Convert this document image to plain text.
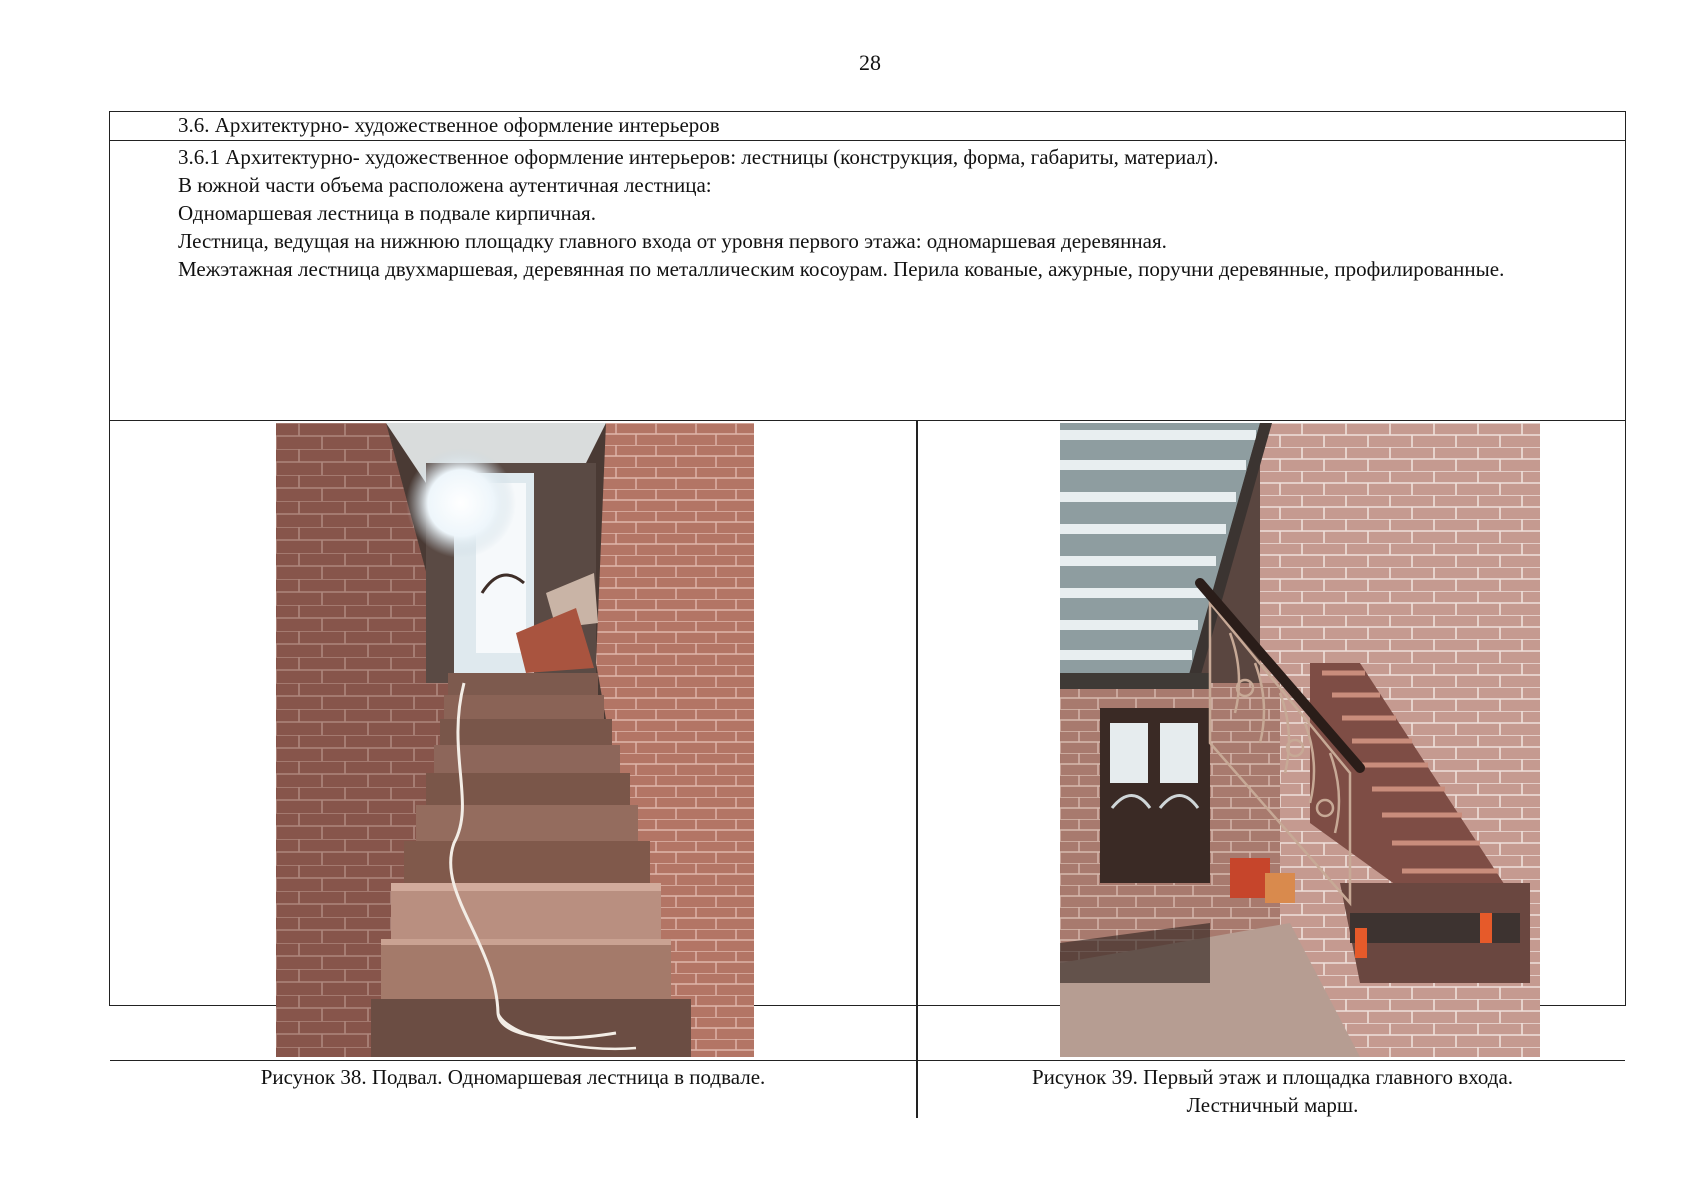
28
3.6. Архитектурно- художественное оформление интерьеров

3.6.1 Архитектурно- художественное оформление интерьеров: лестницы (конструкция, форма, габариты, материал).

В южной части объема расположена аутентичная лестница:

Одномаршевая лестница в подвале кирпичная.

Лестница, ведущая на нижнюю площадку главного входа от уровня первого этажа: одномаршевая деревянная.

Межэтажная лестница двухмаршевая, деревянная по металлическим косоурам. Перила кованые, ажурные, поручни деревянные, профилированные.

Рисунок 38. Подвал. Одномаршевая лестница в подвале.	Рисунок 39. Первый этаж и площадка главного входа.
Лестничный марш.
